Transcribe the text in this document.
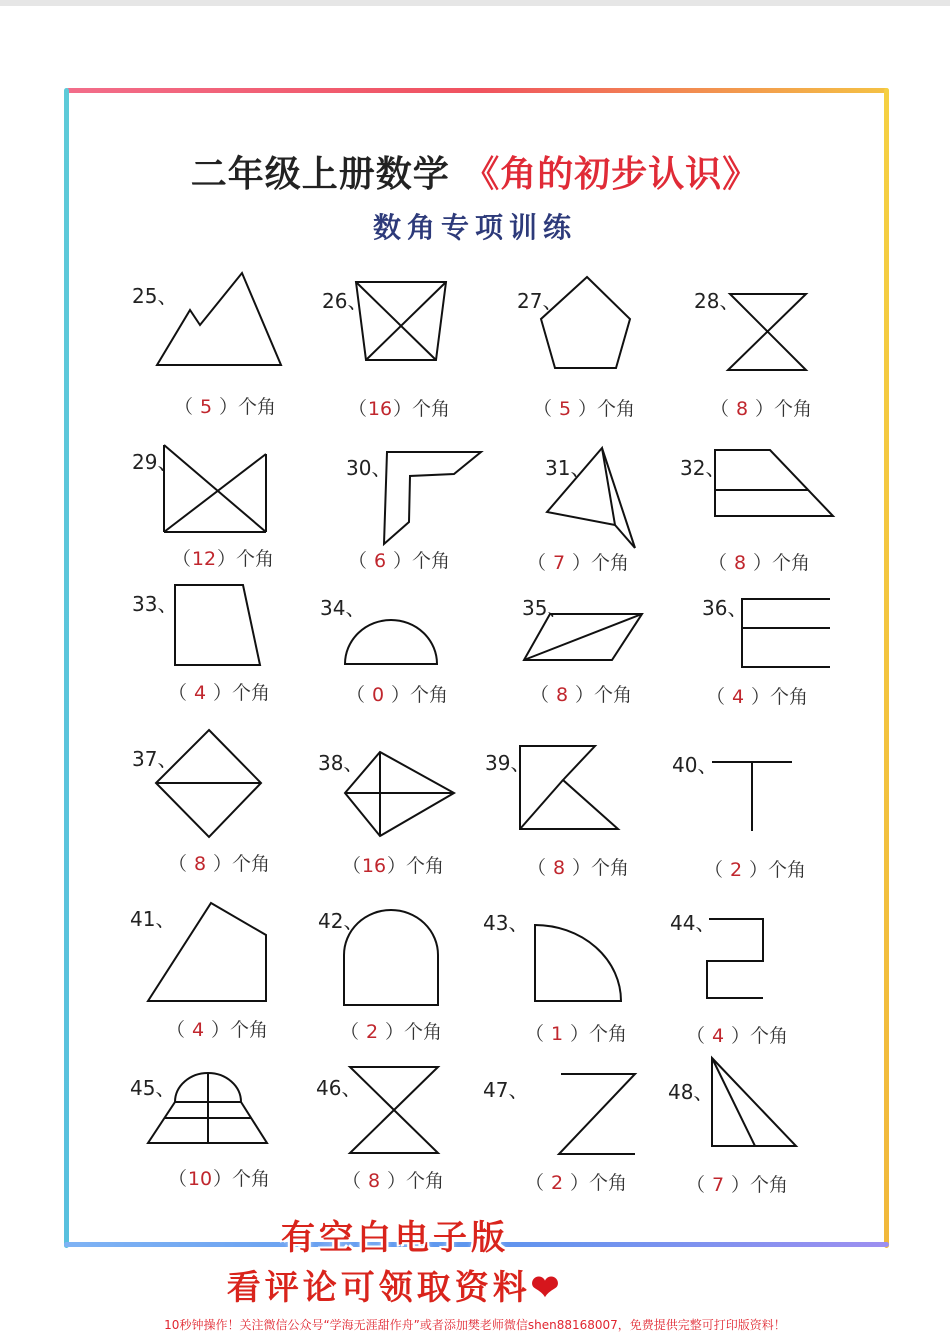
二年级上册数学 《角的初步认识》
数角专项训练
25、
（ 5 ）个角
26、
（16）个角
27、
（ 5 ）个角
28、
（ 8 ）个角
29、
（12）个角
30、
（ 6 ）个角
31、
（ 7 ）个角
32、
（ 8 ）个角
33、
（ 4 ）个角
34、
（ 0 ）个角
35、
（ 8 ）个角
36、
（ 4 ）个角
37、
（ 8 ）个角
38、
（16）个角
39、
（ 8 ）个角
40、
（ 2 ）个角
41、
（ 4 ）个角
42、
（ 2 ）个角
43、
（ 1 ）个角
44、
（ 4 ）个角
45、
（10）个角
46、
（ 8 ）个角
47、
（ 2 ）个角
48、
（ 7 ）个角
有空白电子版
看评论可领取资料❤
10秒钟操作！关注微信公众号“学海无涯甜作舟”或者添加樊老师微信shen88168007，免费提供完整可打印版资料！
